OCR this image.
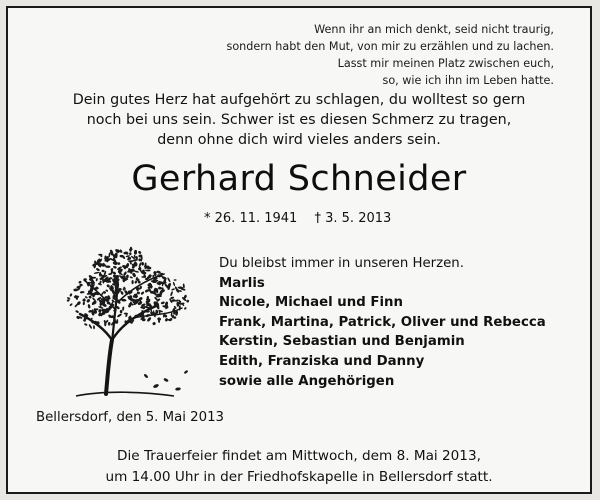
Wenn ihr an mich denkt, seid nicht traurig,
sondern habt den Mut, von mir zu erzählen und zu lachen.
Lasst mir meinen Platz zwischen euch,
so, wie ich ihn im Leben hatte.
Dein gutes Herz hat aufgehört zu schlagen, du wolltest so gern
noch bei uns sein. Schwer ist es diesen Schmerz zu tragen,
denn ohne dich wird vieles anders sein.
Gerhard Schneider
* 26. 11. 1941 † 3. 5. 2013
Du bleibst immer in unseren Herzen.
Marlis
Nicole, Michael und Finn
Frank, Martina, Patrick, Oliver und Rebecca
Kerstin, Sebastian und Benjamin
Edith, Franziska und Danny
sowie alle Angehörigen
Bellersdorf, den 5. Mai 2013
Die Trauerfeier findet am Mittwoch, dem 8. Mai 2013,
um 14.00 Uhr in der Friedhofskapelle in Bellersdorf statt.
